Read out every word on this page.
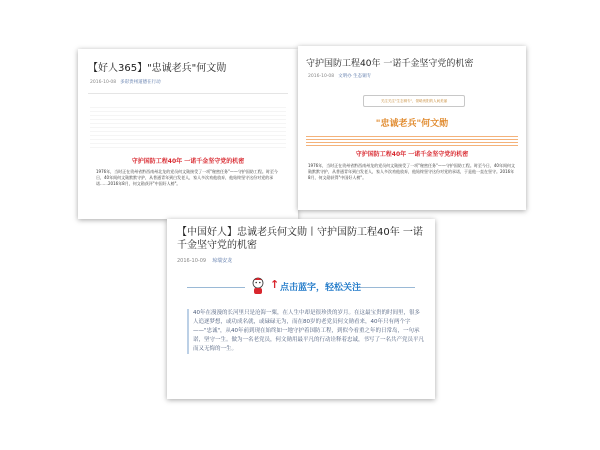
【好人365】"忠诚老兵"何文勋
2016-10-08 多彩贵州道德在行动
守护国防工程40年 一诺千金坚守党的机密
1976年，当时正在贵州省黔西南州北龙的党员何文勋接受了一项"秘密任务"——守护国防工程。时至今日，40年间何文勋默默守护，从普通青年到白发老人，家人多次劝他放弃，他始终坚守这份对党的承诺……2016年8月，何文勋获评"中国好人榜"。
守护国防工程40年 一诺千金坚守党的机密
2016-10-08 文明办 生态铜专
关注关注"生态铜专"，领略贵阳的人间美丽
"忠诚老兵"何文勋
守护国防工程40年 一诺千金坚守党的机密
1976年，当时正在贵州省黔西南州龙的党员何文勋接受了一项"秘密任务"——守护国防工程。时至今日，40年间何文勋默默守护，从普通青年到白发老人，家人多次劝他放弃，他始终坚守这份对党的承诺，于是他一直在坚守。2016年8月，何文勋获得"中国好人榜"。
【中国好人】忠诚老兵何文勋丨守护国防工程40年 一诺千金坚守党的机密
2016-10-09 琼瑞安龙
↑ 点击蓝字，轻松关注
40年在漫漫的长河里只是沧海一粟，在人生中却是很珍贵的岁月。在这最宝贵的时间里，很多人追逐梦想，或功成名就，或碌碌无为，而在80岁的老党员何文勋看来，40年只有两个字——"忠诚"，从40年前到现在始终如一地守护着国防工程，到似今看重之年的日常岛，一句承诺，坚守一生。做为一名老党员，何文勋用最平凡的行动诠释着忠诚，书写了一名共产党员平凡而又无悔的一生。
